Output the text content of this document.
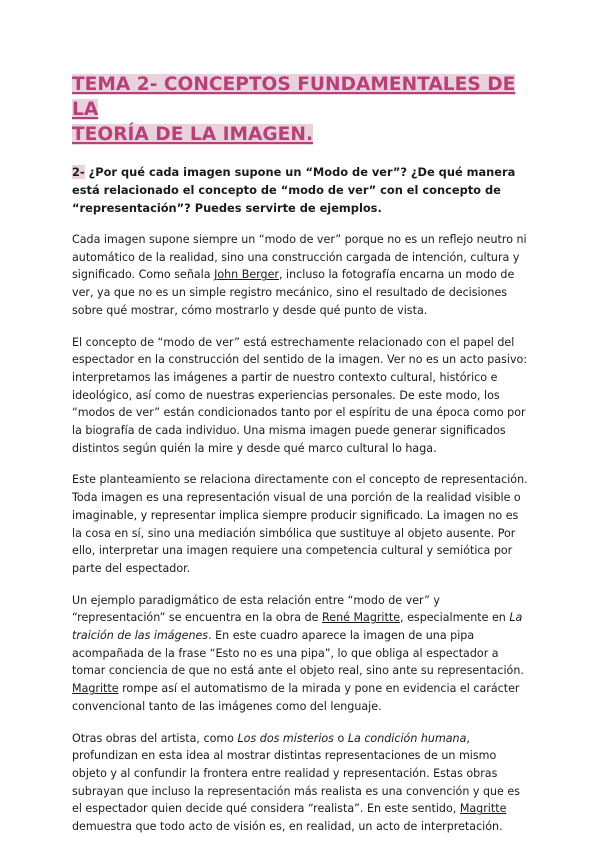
TEMA 2- CONCEPTOS FUNDAMENTALES DE LA
TEORÍA DE LA IMAGEN.
2- ¿Por qué cada imagen supone un “Modo de ver”? ¿De qué manera está relacionado el concepto de “modo de ver” con el concepto de “representación”? Puedes servirte de ejemplos.

Cada imagen supone siempre un “modo de ver” porque no es un reflejo neutro ni automático de la realidad, sino una construcción cargada de intención, cultura y significado. Como señala John Berger, incluso la fotografía encarna un modo de ver, ya que no es un simple registro mecánico, sino el resultado de decisiones sobre qué mostrar, cómo mostrarlo y desde qué punto de vista.

El concepto de “modo de ver” está estrechamente relacionado con el papel del espectador en la construcción del sentido de la imagen. Ver no es un acto pasivo: interpretamos las imágenes a partir de nuestro contexto cultural, histórico e ideológico, así como de nuestras experiencias personales. De este modo, los “modos de ver” están condicionados tanto por el espíritu de una época como por la biografía de cada individuo. Una misma imagen puede generar significados distintos según quién la mire y desde qué marco cultural lo haga.

Este planteamiento se relaciona directamente con el concepto de representación. Toda imagen es una representación visual de una porción de la realidad visible o imaginable, y representar implica siempre producir significado. La imagen no es la cosa en sí, sino una mediación simbólica que sustituye al objeto ausente. Por ello, interpretar una imagen requiere una competencia cultural y semiótica por parte del espectador.

Un ejemplo paradigmático de esta relación entre “modo de ver” y “representación” se encuentra en la obra de René Magritte, especialmente en La traición de las imágenes. En este cuadro aparece la imagen de una pipa acompañada de la frase “Esto no es una pipa”, lo que obliga al espectador a tomar conciencia de que no está ante el objeto real, sino ante su representación. Magritte rompe así el automatismo de la mirada y pone en evidencia el carácter convencional tanto de las imágenes como del lenguaje.

Otras obras del artista, como Los dos misterios o La condición humana, profundizan en esta idea al mostrar distintas representaciones de un mismo objeto y al confundir la frontera entre realidad y representación. Estas obras subrayan que incluso la representación más realista es una convención y que es el espectador quien decide qué considera “realista”. En este sentido, Magritte demuestra que todo acto de visión es, en realidad, un acto de interpretación.
